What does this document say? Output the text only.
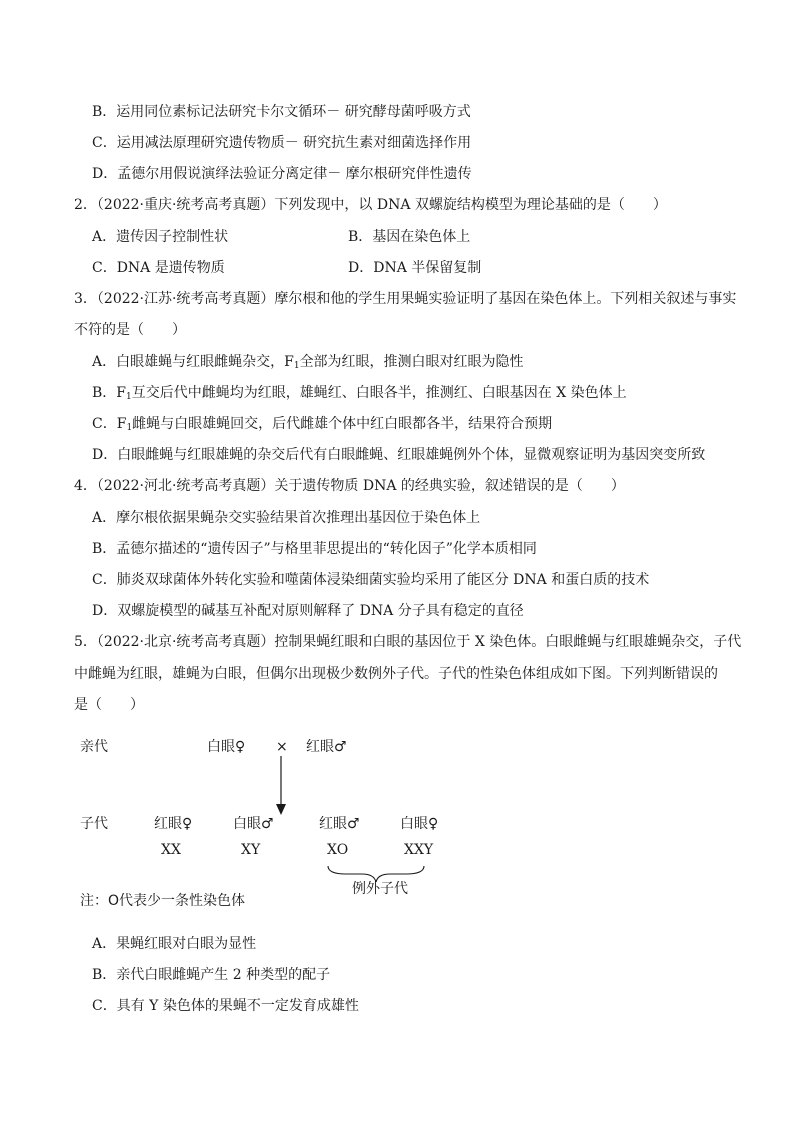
B．运用同位素标记法研究卡尔文循环－ 研究酵母菌呼吸方式
C．运用减法原理研究遗传物质－ 研究抗生素对细菌选择作用
D．孟德尔用假说演绎法验证分离定律－ 摩尔根研究伴性遗传
2．（2022·重庆·统考高考真题）下列发现中，以 DNA 双螺旋结构模型为理论基础的是（　　）
A．遗传因子控制性状	B．基因在染色体上
C．DNA 是遗传物质	D．DNA 半保留复制
3．（2022·江苏·统考高考真题）摩尔根和他的学生用果蝇实验证明了基因在染色体上。下列相关叙述与事实
不符的是（　　）
A．白眼雄蝇与红眼雌蝇杂交，$F_1$全部为红眼，推测白眼对红眼为隐性
B．$F_1$互交后代中雌蝇均为红眼，雄蝇红、白眼各半，推测红、白眼基因在 X 染色体上
C．$F_1$雌蝇与白眼雄蝇回交，后代雌雄个体中红白眼都各半，结果符合预期
D．白眼雌蝇与红眼雄蝇的杂交后代有白眼雌蝇、红眼雄蝇例外个体，显微观察证明为基因突变所致
4．（2022·河北·统考高考真题）关于遗传物质 DNA 的经典实验，叙述错误的是（　　）
A．摩尔根依据果蝇杂交实验结果首次推理出基因位于染色体上
B．孟德尔描述的“遗传因子”与格里菲思提出的“转化因子”化学本质相同
C．肺炎双球菌体外转化实验和噬菌体浸染细菌实验均采用了能区分 DNA 和蛋白质的技术
D．双螺旋模型的碱基互补配对原则解释了 DNA 分子具有稳定的直径
5．（2022·北京·统考高考真题）控制果蝇红眼和白眼的基因位于 X 染色体。白眼雌蝇与红眼雄蝇杂交，子代
中雌蝇为红眼，雄蝇为白眼，但偶尔出现极少数例外子代。子代的性染色体组成如下图。下列判断错误的
是（　　）
亲代	白眼♀ × 红眼♂
子代	红眼♀
XX
白眼♂
XY
红眼♂
XO
白眼♀
XXY
例外子代
注：O代表少一条性染色体
A．果蝇红眼对白眼为显性
B．亲代白眼雌蝇产生 2 种类型的配子
C．具有 Y 染色体的果蝇不一定发育成雄性
